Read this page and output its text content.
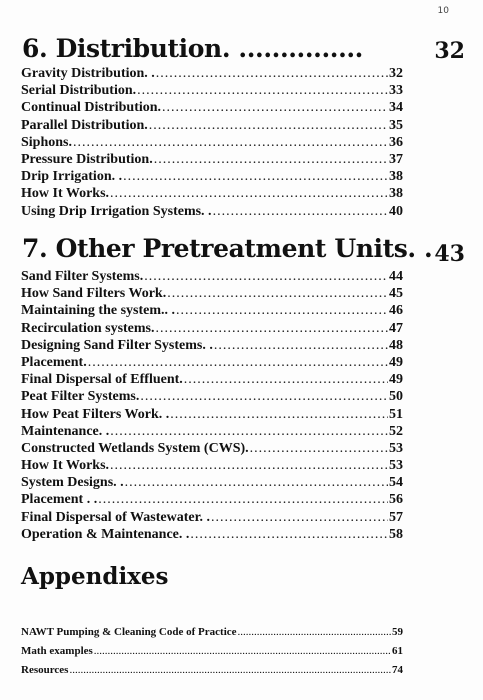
10
6. Distribution. ...............	32
Gravity Distribution. . .....	32
Serial Distribution. .....	33
Continual Distribution. .....	34
Parallel Distribution. .....	35
Siphons. .....	36
Pressure Distribution. .....	37
Drip Irrigation. . .....	38
How It Works. .....	38
Using Drip Irrigation Systems. . .....	40
7. Other Pretreatment Units. . 43
Sand Filter Systems. .....	44
How Sand Filters Work. .....	45
Maintaining the system.. . .....	46
Recirculation systems. .....	47
Designing Sand Filter Systems. . .....	48
Placement. .....	49
Final Dispersal of Effluent. .....	49
Peat Filter Systems. .....	50
How Peat Filters Work. . .....	51
Maintenance. . .....	52
Constructed Wetlands System (CWS). .....	53
How It Works. .....	53
System Designs. . .....	54
Placement . . .....	56
Final Dispersal of Wastewater. . .....	57
Operation & Maintenance. . .....	58
Appendixes
NAWT Pumping & Cleaning Code of Practice .....	59
Math examples .....	61
Resources .....	74
